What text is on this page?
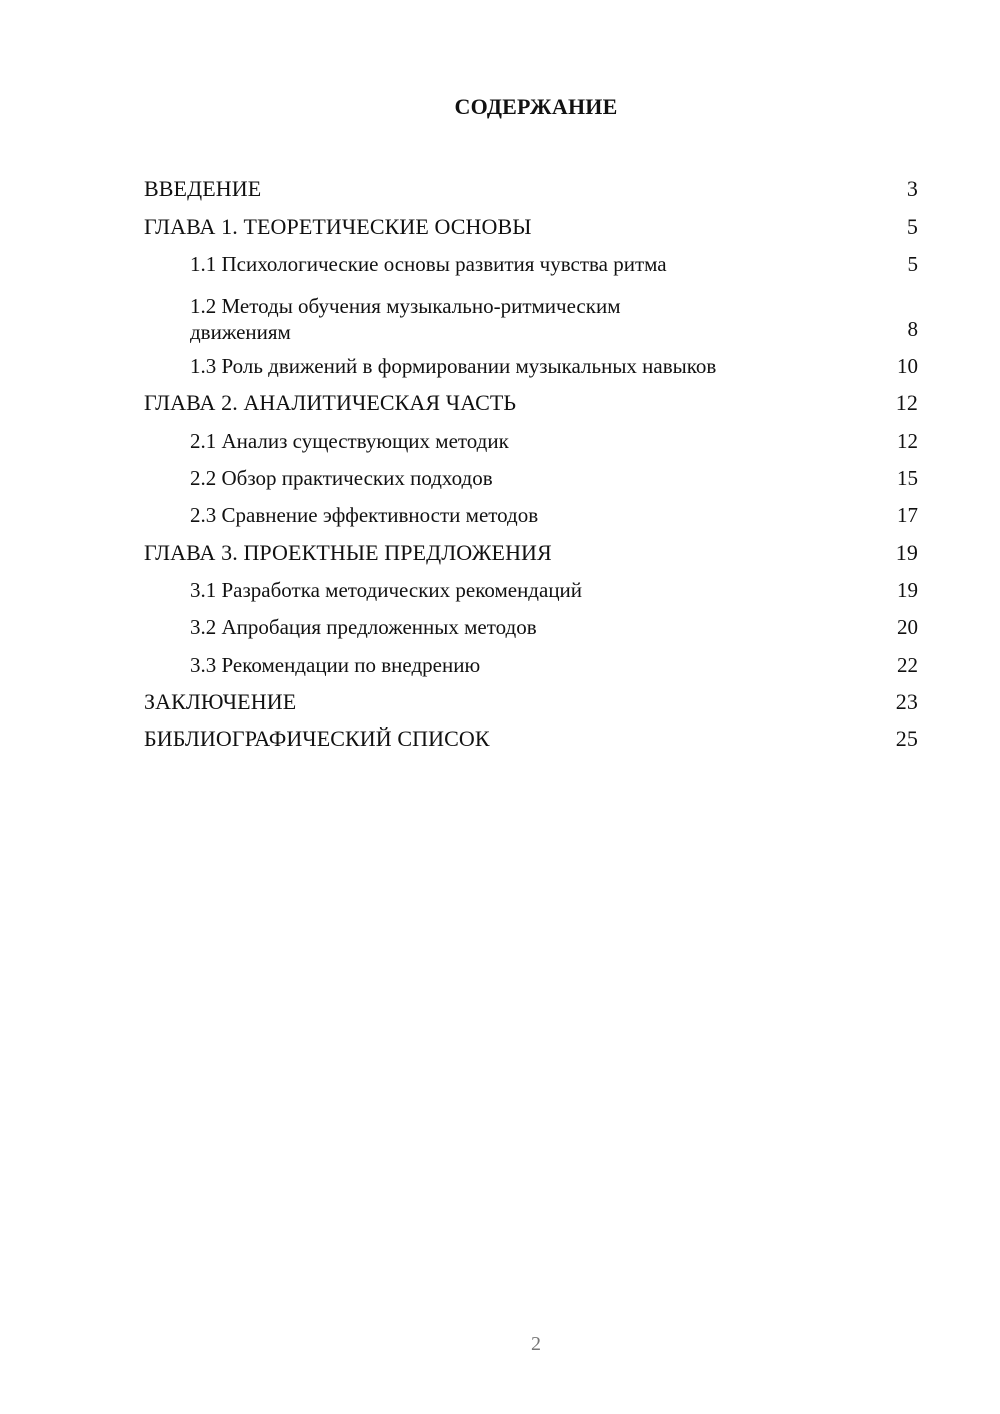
СОДЕРЖАНИЕ
ВВЕДЕНИЕ	3
ГЛАВА 1. ТЕОРЕТИЧЕСКИЕ ОСНОВЫ	5
1.1 Психологические основы развития чувства ритма	5
1.2 Методы обучения музыкально-ритмическим
движениям	8
1.3 Роль движений в формировании музыкальных навыков	10
ГЛАВА 2. АНАЛИТИЧЕСКАЯ ЧАСТЬ	12
2.1 Анализ существующих методик	12
2.2 Обзор практических подходов	15
2.3 Сравнение эффективности методов	17
ГЛАВА 3. ПРОЕКТНЫЕ ПРЕДЛОЖЕНИЯ	19
3.1 Разработка методических рекомендаций	19
3.2 Апробация предложенных методов	20
3.3 Рекомендации по внедрению	22
ЗАКЛЮЧЕНИЕ	23
БИБЛИОГРАФИЧЕСКИЙ СПИСОК	25
2
